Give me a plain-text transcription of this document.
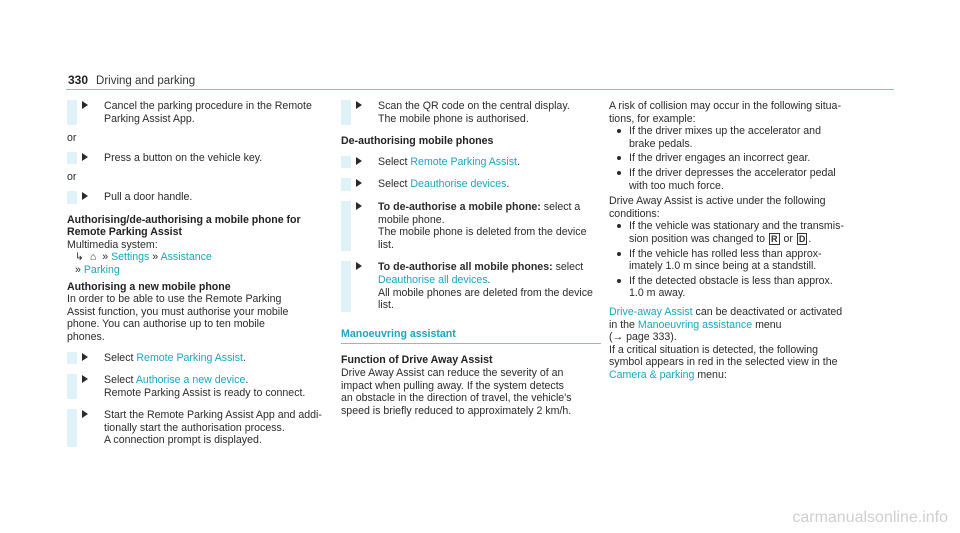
330 Driving and parking
Cancel the parking procedure in the Remote
Parking Assist App.
or
Press a button on the vehicle key.
or
Pull a door handle.
Authorising/de-authorising a mobile phone for
Remote Parking Assist
Multimedia system:
↳ ⌂ » Settings » Assistance
» Parking
Authorising a new mobile phone
In order to be able to use the Remote Parking
Assist function, you must authorise your mobile
phone. You can authorise up to ten mobile
phones.
Select Remote Parking Assist.
Select Authorise a new device.
Remote Parking Assist is ready to connect.
Start the Remote Parking Assist App and addi-
tionally start the authorisation process.
A connection prompt is displayed.
Scan the QR code on the central display.
The mobile phone is authorised.
De-authorising mobile phones
Select Remote Parking Assist.
Select Deauthorise devices.
To de-authorise a mobile phone: select a
mobile phone.
The mobile phone is deleted from the device
list.
To de-authorise all mobile phones: select
Deauthorise all devices.
All mobile phones are deleted from the device
list.
Manoeuvring assistant
Function of Drive Away Assist
Drive Away Assist can reduce the severity of an
impact when pulling away. If the system detects
an obstacle in the direction of travel, the vehicle's
speed is briefly reduced to approximately 2 km/h.
A risk of collision may occur in the following situa-
tions, for example:
If the driver mixes up the accelerator and
brake pedals.
If the driver engages an incorrect gear.
If the driver depresses the accelerator pedal
with too much force.
Drive Away Assist is active under the following
conditions:
If the vehicle was stationary and the transmis-
sion position was changed to R or D .
If the vehicle has rolled less than approx-
imately 1.0 m since being at a standstill.
If the detected obstacle is less than approx.
1.0 m away.
Drive-away Assist can be deactivated or activated
in the Manoeuvring assistance menu
(→ page 333).
If a critical situation is detected, the following
symbol appears in red in the selected view in the
Camera & parking menu:
carmanualsonline.info
